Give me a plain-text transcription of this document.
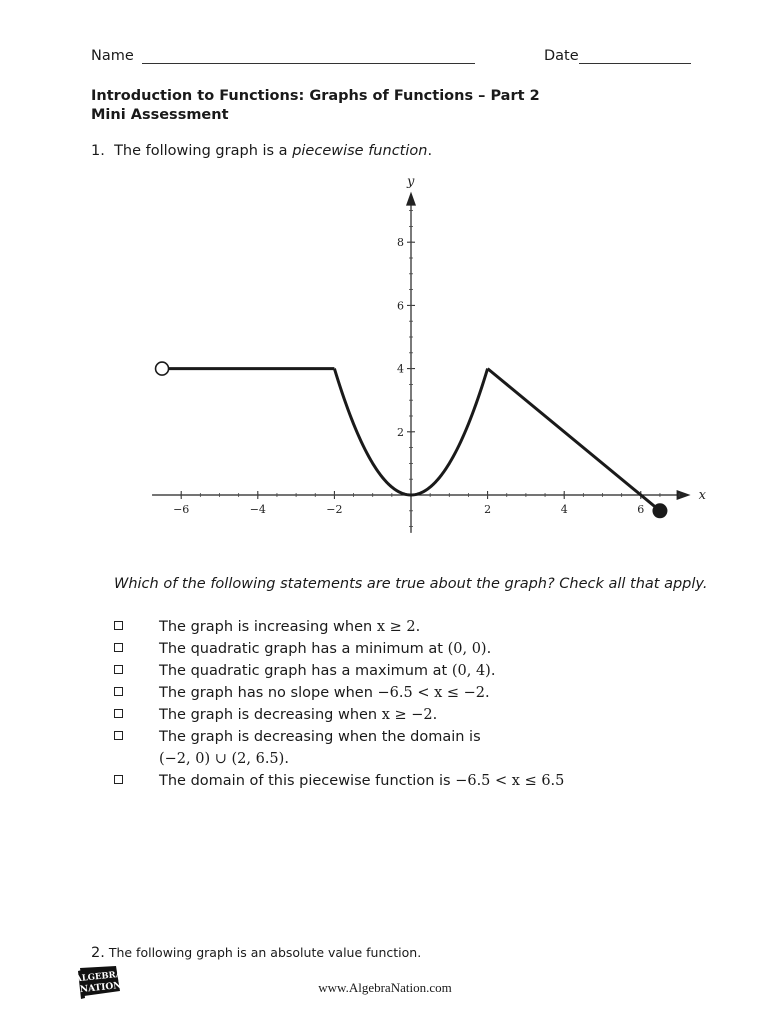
Name	Date
Introduction to Functions: Graphs of Functions – Part 2
Mini Assessment
1. The following graph is a piecewise function.
x
y
−6	−4	−2	2	4	6
2
4
6
8
Which of the following statements are true about the graph? Check all that apply.
The graph is increasing when x ≥ 2.
The quadratic graph has a minimum at (0, 0).
The quadratic graph has a maximum at (0, 4).
The graph has no slope when −6.5 < x ≤ −2.
The graph is decreasing when x ≥ −2.
The graph is decreasing when the domain is
(−2, 0) ∪ (2, 6.5).
The domain of this piecewise function is −6.5 < x ≤ 6.5
2. The following graph is an absolute value function.
ALGEBRA
NATION	www.AlgebraNation.com
